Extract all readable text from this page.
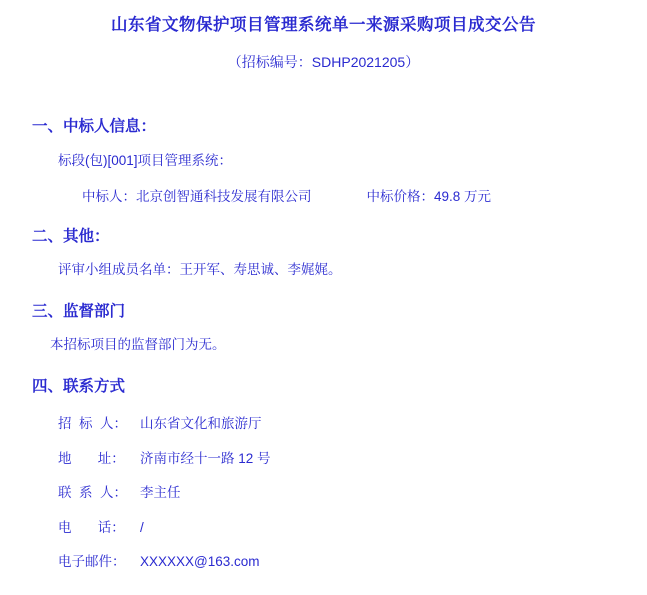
山东省文物保护项目管理系统单一来源采购项目成交公告
（招标编号：SDHP2021205）
一、中标人信息：
标段(包)[001]项目管理系统：
中标人： 北京创智通科技发展有限公司	中标价格： 49.8 万元
二、其他：
评审小组成员名单：王开军、寿思诚、李娓娓。
三、监督部门
本招标项目的监督部门为无。
四、联系方式
招  标  人： 山东省文化和旅游厅
地       址：	济南市经十一路 12 号
联  系  人： 李主任
电       话：	/
电子邮件：	XXXXXX@163.com
